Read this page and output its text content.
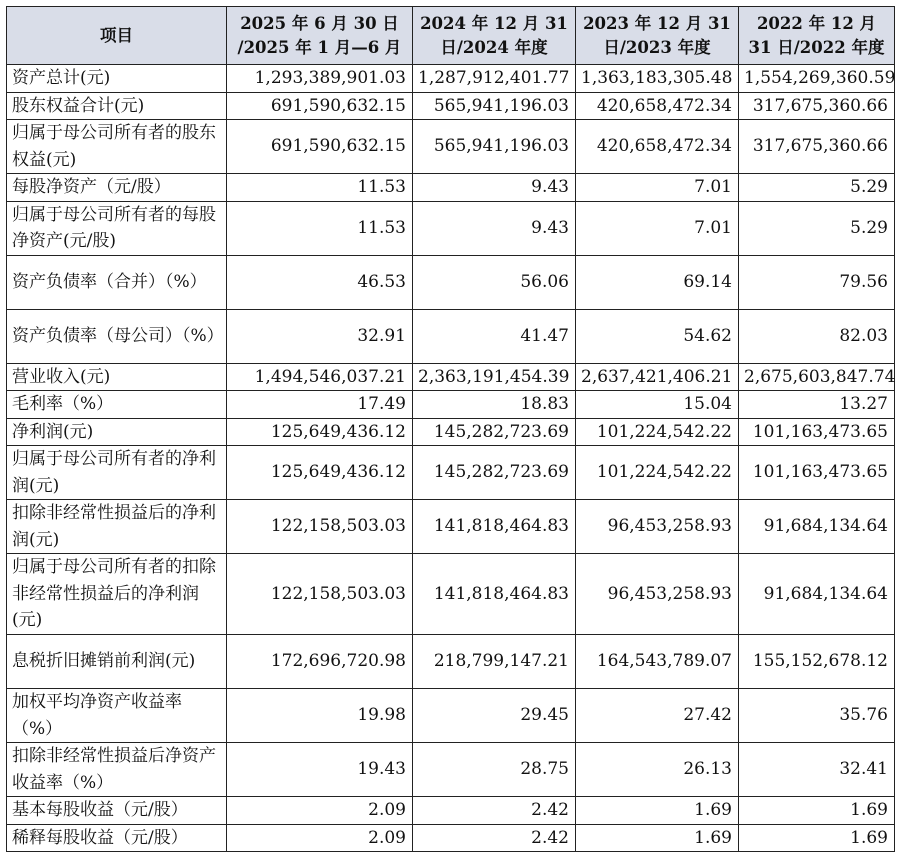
项目	2025 年 6 月 30 日 /2025 年 1 月—6 月	2024 年 12 月 31 日/2024 年度	2023 年 12 月 31 日/2023 年度	2022 年 12 月 31 日/2022 年度
资产总计(元)	1,293,389,901.03	1,287,912,401.77	1,363,183,305.48	1,554,269,360.59
股东权益合计(元)	691,590,632.15	565,941,196.03	420,658,472.34	317,675,360.66
归属于母公司所有者的股东权益(元)	691,590,632.15	565,941,196.03	420,658,472.34	317,675,360.66
每股净资产（元/股）	11.53	9.43	7.01	5.29
归属于母公司所有者的每股净资产(元/股)	11.53	9.43	7.01	5.29
资产负债率（合并）（%）	46.53	56.06	69.14	79.56
资产负债率（母公司）（%）	32.91	41.47	54.62	82.03
营业收入(元)	1,494,546,037.21	2,363,191,454.39	2,637,421,406.21	2,675,603,847.74
毛利率（%）	17.49	18.83	15.04	13.27
净利润(元)	125,649,436.12	145,282,723.69	101,224,542.22	101,163,473.65
归属于母公司所有者的净利润(元)	125,649,436.12	145,282,723.69	101,224,542.22	101,163,473.65
扣除非经常性损益后的净利润(元)	122,158,503.03	141,818,464.83	96,453,258.93	91,684,134.64
归属于母公司所有者的扣除非经常性损益后的净利润(元)	122,158,503.03	141,818,464.83	96,453,258.93	91,684,134.64
息税折旧摊销前利润(元)	172,696,720.98	218,799,147.21	164,543,789.07	155,152,678.12
加权平均净资产收益率（%）	19.98	29.45	27.42	35.76
扣除非经常性损益后净资产收益率（%）	19.43	28.75	26.13	32.41
基本每股收益（元/股）	2.09	2.42	1.69	1.69
稀释每股收益（元/股）	2.09	2.42	1.69	1.69
